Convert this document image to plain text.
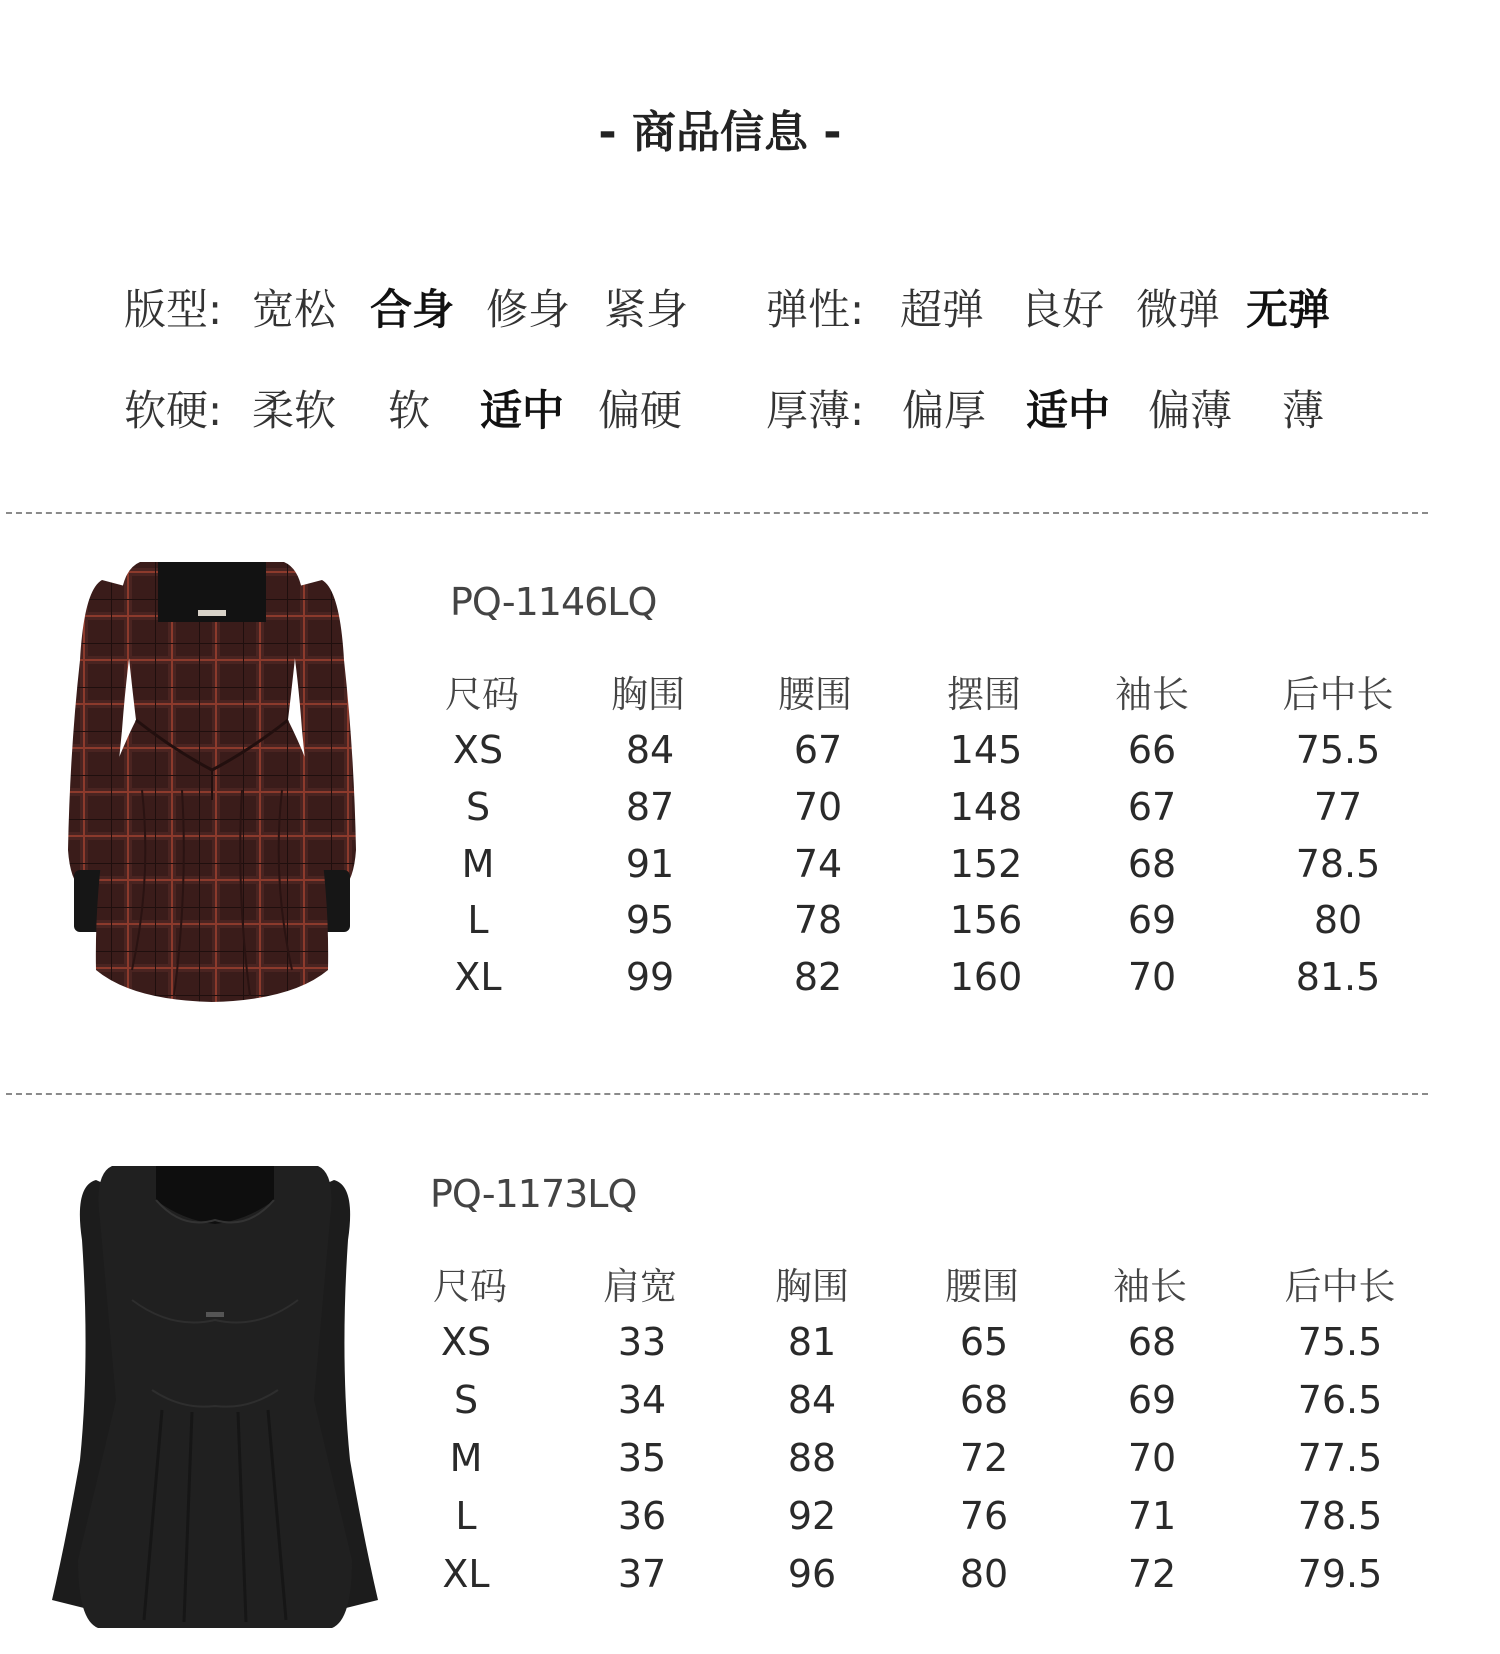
- 商品信息 -
版型: 宽松 合身 修身 紧身 弹性: 超弹 良好 微弹 无弹
软硬: 柔软 软 适中 偏硬 厚薄: 偏厚 适中 偏薄 薄
PQ-1146LQ
尺码	胸围	腰围	摆围	袖长	后中长
XS	84	67	145	66	75.5
S	87	70	148	67	77
M	91	74	152	68	78.5
L	95	78	156	69	80
XL	99	82	160	70	81.5
PQ-1173LQ
尺码	肩宽	胸围	腰围	袖长	后中长
XS	33	81	65	68	75.5
S	34	84	68	69	76.5
M	35	88	72	70	77.5
L	36	92	76	71	78.5
XL	37	96	80	72	79.5
